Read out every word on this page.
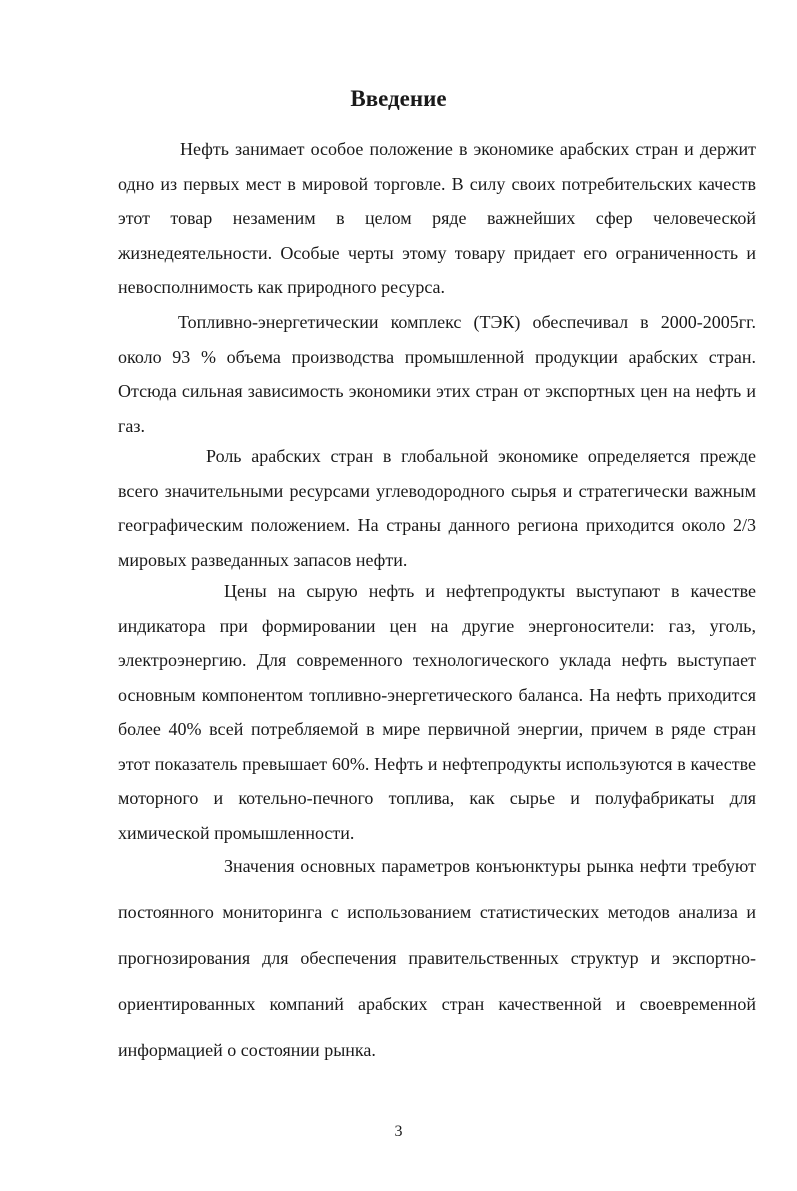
Введение

Нефть занимает особое положение в экономике арабских стран и держит одно из первых мест в мировой торговле. В силу своих потребительских качеств этот товар незаменим в целом ряде важнейших сфер человеческой жизнедеятельности. Особые черты этому товару придает его ограниченность и невосполнимость как природного ресурса.

Топливно-энергетическии комплекс (ТЭК) обеспечивал в 2000-2005гг. около 93 % объема производства промышленной продукции арабских стран. Отсюда сильная зависимость экономики этих стран от экспортных цен на нефть и газ.

Роль арабских стран в глобальной экономике определяется прежде всего значительными ресурсами углеводородного сырья и стратегически важным географическим положением. На страны данного региона приходится около 2/3 мировых разведанных запасов нефти.

Цены на сырую нефть и нефтепродукты выступают в качестве индикатора при формировании цен на другие энергоносители: газ, уголь, электроэнергию. Для современного технологического уклада нефть выступает основным компонентом топливно-энергетического баланса. На нефть приходится более 40% всей потребляемой в мире первичной энергии, причем в ряде стран этот показатель превышает 60%. Нефть и нефтепродукты используются в качестве моторного и котельно-печного топлива, как сырье и полуфабрикаты для химической промышленности.

Значения основных параметров конъюнктуры рынка нефти требуют постоянного мониторинга с использованием статистических методов анализа и прогнозирования для обеспечения правительственных структур и экспортно-ориентированных компаний арабских стран качественной и своевременной информацией о состоянии рынка.

3
